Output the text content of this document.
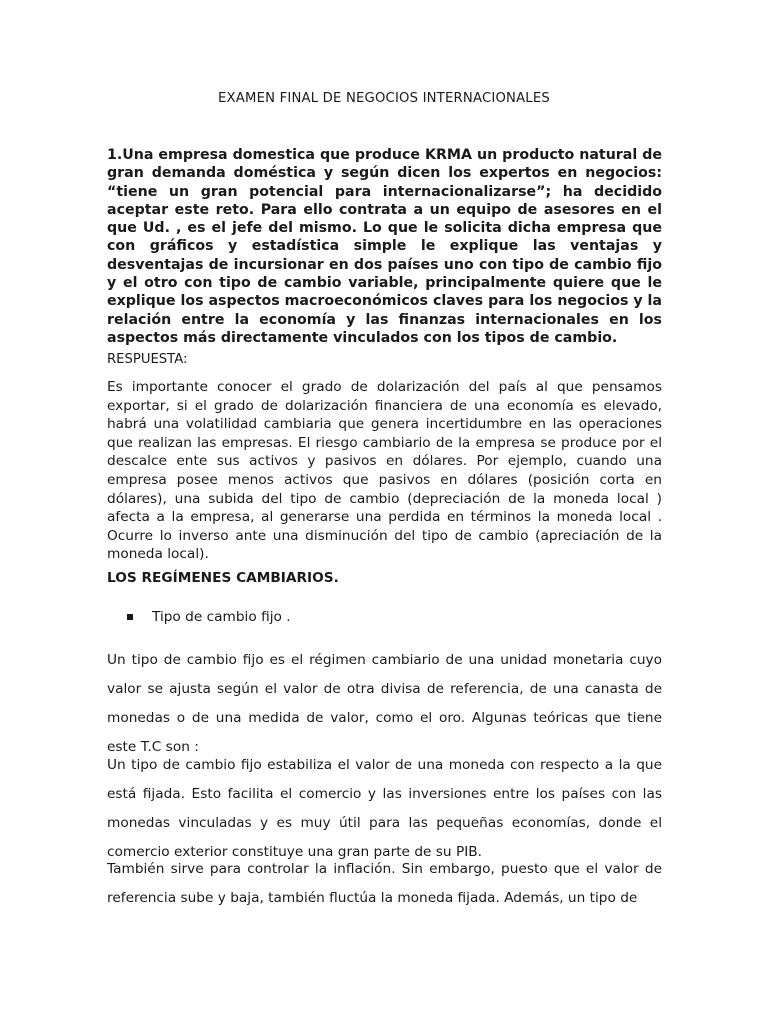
EXAMEN FINAL DE NEGOCIOS INTERNACIONALES

1.Una empresa domestica que produce KRMA un producto natural de gran demanda doméstica y según dicen los expertos en negocios: “tiene un gran potencial para internacionalizarse”; ha decidido aceptar este reto. Para ello contrata a un equipo de asesores en el que Ud. , es el jefe del mismo. Lo que le solicita dicha empresa que con gráficos y estadística simple le explique las ventajas y desventajas de incursionar en dos países uno con tipo de cambio fijo y el otro con tipo de cambio variable, principalmente quiere que le explique los aspectos macroeconómicos claves para los negocios y la relación entre la economía y las finanzas internacionales en los aspectos más directamente vinculados con los tipos de cambio.

RESPUESTA:

Es importante conocer el grado de dolarización del país al que pensamos exportar, si el grado de dolarización financiera de una economía es elevado, habrá una volatilidad cambiaria que genera incertidumbre en las operaciones que realizan las empresas. El riesgo cambiario de la empresa se produce por el descalce ente sus activos y pasivos en dólares. Por ejemplo, cuando una empresa posee menos activos que pasivos en dólares (posición corta en dólares), una subida del tipo de cambio (depreciación de la moneda local ) afecta a la empresa, al generarse una perdida en términos la moneda local . Ocurre lo inverso ante una disminución del tipo de cambio (apreciación de la moneda local).

LOS REGÍMENES CAMBIARIOS.

Tipo de cambio fijo .

Un tipo de cambio fijo es el régimen cambiario de una unidad monetaria cuyo valor se ajusta según el valor de otra divisa de referencia, de una canasta de monedas o de una medida de valor, como el oro. Algunas teóricas que tiene este T.C son :

Un tipo de cambio fijo estabiliza el valor de una moneda con respecto a la que está fijada. Esto facilita el comercio y las inversiones entre los países con las monedas vinculadas y es muy útil para las pequeñas economías, donde el comercio exterior constituye una gran parte de su PIB.

También sirve para controlar la inflación. Sin embargo, puesto que el valor de referencia sube y baja, también fluctúa la moneda fijada. Además, un tipo de
